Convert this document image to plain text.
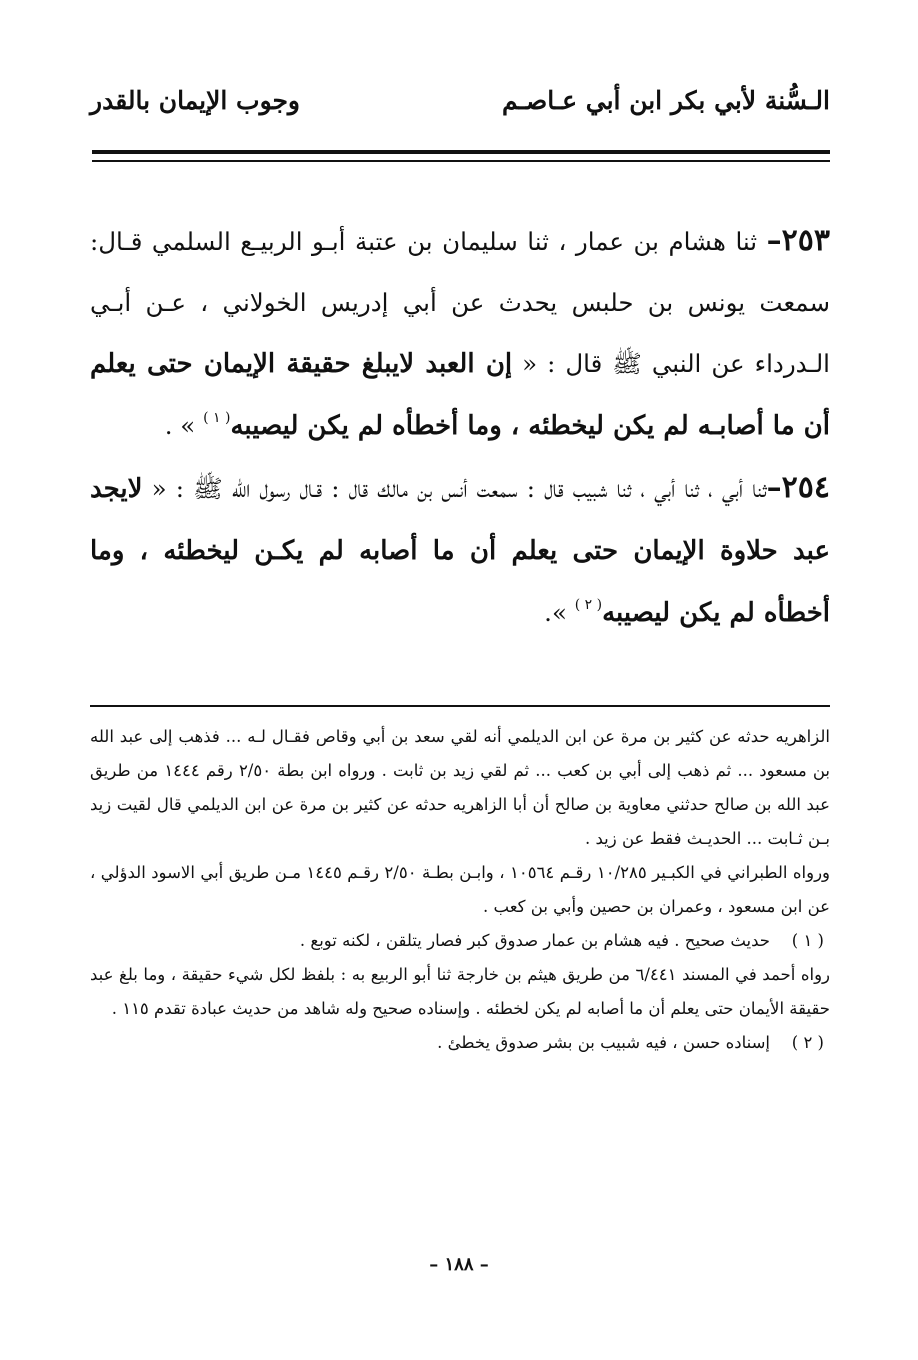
الـسُّنة لأبي بكر ابن أبي عـاصـم
وجوب الإيمان بالقدر

٢٥٣– ثنا هشام بن عمار ، ثنا سليمان بن عتبة أبـو الربيـع السلمي قـال: سمعت يونس بن حلبس يحدث عن أبي إدريس الخولاني ، عـن أبـي الـدرداء عن النبي ﷺ قال : « إن العبد لايبلغ حقيقة الإيمان حتى يعلم أن ما أصابـه لم يكن ليخطئه ، وما أخطأه لم يكن ليصيبه$^{( ١ )}$ » .

٢٥٤–ثنا أبي ، ثنا أبي ، ثنا شبيب قال : سمعت أنس بن مالك قال : قـال رسول الله ﷺ : « لايجد عبد حلاوة الإيمان حتى يعلم أن ما أصابه لم يكـن ليخطئه ، وما أخطأه لم يكن ليصيبه$^{( ٢ )}$ ».

الزاهريه حدثه عن كثير بن مرة عن ابن الديلمي أنه لقي سعد بن أبي وقاص فقـال لـه ... فذهب إلى عبد الله بن مسعود ... ثم ذهب إلى أبي بن كعب ... ثم لقي زيد بن ثابت . ورواه ابن بطة ٢/٥٠ رقم ١٤٤٤ من طريق عبد الله بن صالح حدثني معاوية بن صالح أن أبا الزاهريه حدثه عن كثير بن مرة عن ابن الديلمي قال لقيت زيد بـن ثـابت ... الحديـث فقط عن زيد .

ورواه الطبراني في الكبـير ١٠/٢٨٥ رقـم ١٠٥٦٤ ، وابـن بطـة ٢/٥٠ رقـم ١٤٤٥ مـن طريق أبي الاسود الدؤلي ، عن ابن مسعود ، وعمران بن حصين وأبي بن كعب .

( ١ )
حديث صحيح . فيه هشام بن عمار صدوق كبر فصار يتلقن ، لكنه توبع .

رواه أحمد في المسند ٦/٤٤١ من طريق هيثم بن خارجة ثنا أبو الربيع به : بلفظ لكل شيء حقيقة ، وما بلغ عبد حقيقة الأيمان حتى يعلم أن ما أصابه لم يكن لخطئه . وإسناده صحيح وله شاهد من حديث عبادة تقدم ١١٥ .

( ٢ )
إسناده حسن ، فيه شبيب بن بشر صدوق يخطئ .

– ١٨٨ –
